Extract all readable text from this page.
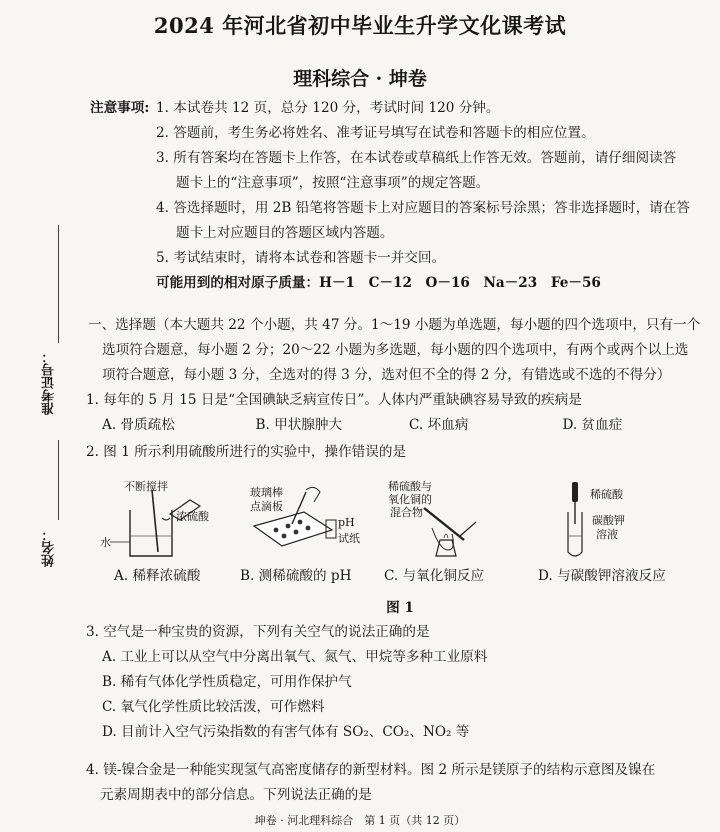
2024 年河北省初中毕业生升学文化课考试
理科综合 · 坤卷
准考证号：
姓名：
注意事项: 1. 本试卷共 12 页，总分 120 分，考试时间 120 分钟。
2. 答题前，考生务必将姓名、准考证号填写在试卷和答题卡的相应位置。
3. 所有答案均在答题卡上作答，在本试卷或草稿纸上作答无效。答题前，请仔细阅读答
题卡上的“注意事项”，按照“注意事项”的规定答题。
4. 答选择题时，用 2B 铅笔将答题卡上对应题目的答案标号涂黑；答非选择题时，请在答
题卡上对应题目的答题区域内答题。
5. 考试结束时，请将本试卷和答题卡一并交回。
可能用到的相对原子质量：H－1　C－12　O－16　Na－23　Fe－56
一、选择题（本大题共 22 个小题，共 47 分。1～19 小题为单选题，每小题的四个选项中，只有一个
选项符合题意，每小题 2 分；20～22 小题为多选题，每小题的四个选项中，有两个或两个以上选
项符合题意，每小题 3 分，全选对的得 3 分，选对但不全的得 2 分，有错选或不选的不得分）
1. 每年的 5 月 15 日是“全国碘缺乏病宣传日”。人体内严重缺碘容易导致的疾病是
A. 骨质疏松	B. 甲状腺肿大	C. 坏血病	D. 贫血症
2. 图 1 所示利用硫酸所进行的实验中，操作错误的是
不断搅拌
浓硫酸
水
A. 稀释浓硫酸
玻璃棒
点滴板
pH
试纸
B. 测稀硫酸的 pH
稀硫酸与
氧化铜的
混合物
C. 与氧化铜反应
稀硫酸
碳酸钾
溶液
D. 与碳酸钾溶液反应
图 1
3. 空气是一种宝贵的资源，下列有关空气的说法正确的是
A. 工业上可以从空气中分离出氧气、氮气、甲烷等多种工业原料
B. 稀有气体化学性质稳定，可用作保护气
C. 氧气化学性质比较活泼，可作燃料
D. 目前计入空气污染指数的有害气体有 SO₂、CO₂、NO₂ 等
4. 镁-镍合金是一种能实现氢气高密度储存的新型材料。图 2 所示是镁原子的结构示意图及镍在
元素周期表中的部分信息。下列说法正确的是
坤卷 · 河北理科综合　第 1 页（共 12 页）
